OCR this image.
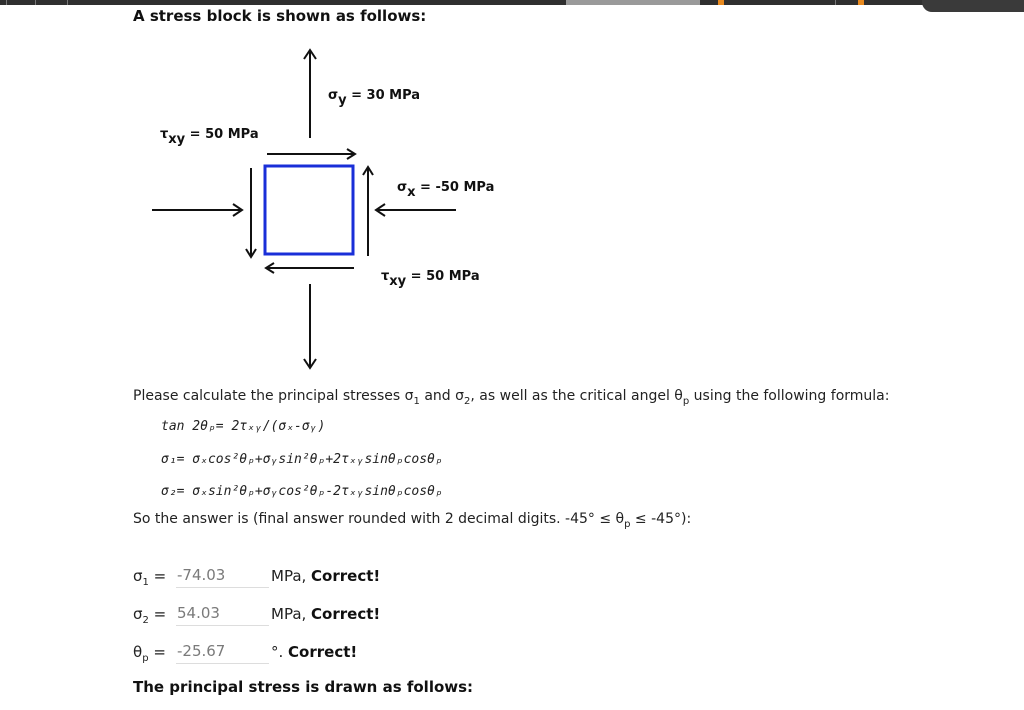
A stress block is shown as follows:
$\sigma_y = 30$ MPa
$\tau_{xy} = 50$ MPa
$\sigma_x = -50$ MPa
$\tau_{xy} = 50$ MPa
Please calculate the principal stresses $\sigma_1$ and $\sigma_2$, as well as the critical angel $\theta_p$ using the following formula:
tan 2θₚ= 2τₓᵧ/(σₓ-σᵧ)
σ₁= σₓcos²θₚ+σᵧsin²θₚ+2τₓᵧsinθₚcosθₚ
σ₂= σₓsin²θₚ+σᵧcos²θₚ-2τₓᵧsinθₚcosθₚ
So the answer is (final answer rounded with 2 decimal digits. $-45^\circ \le \theta_p \le -45^\circ$):
$\sigma_1$ =
-74.03	MPa, Correct!
$\sigma_2$ =
54.03	MPa, Correct!
$\theta_p$ =
-25.67	°. Correct!
The principal stress is drawn as follows:
